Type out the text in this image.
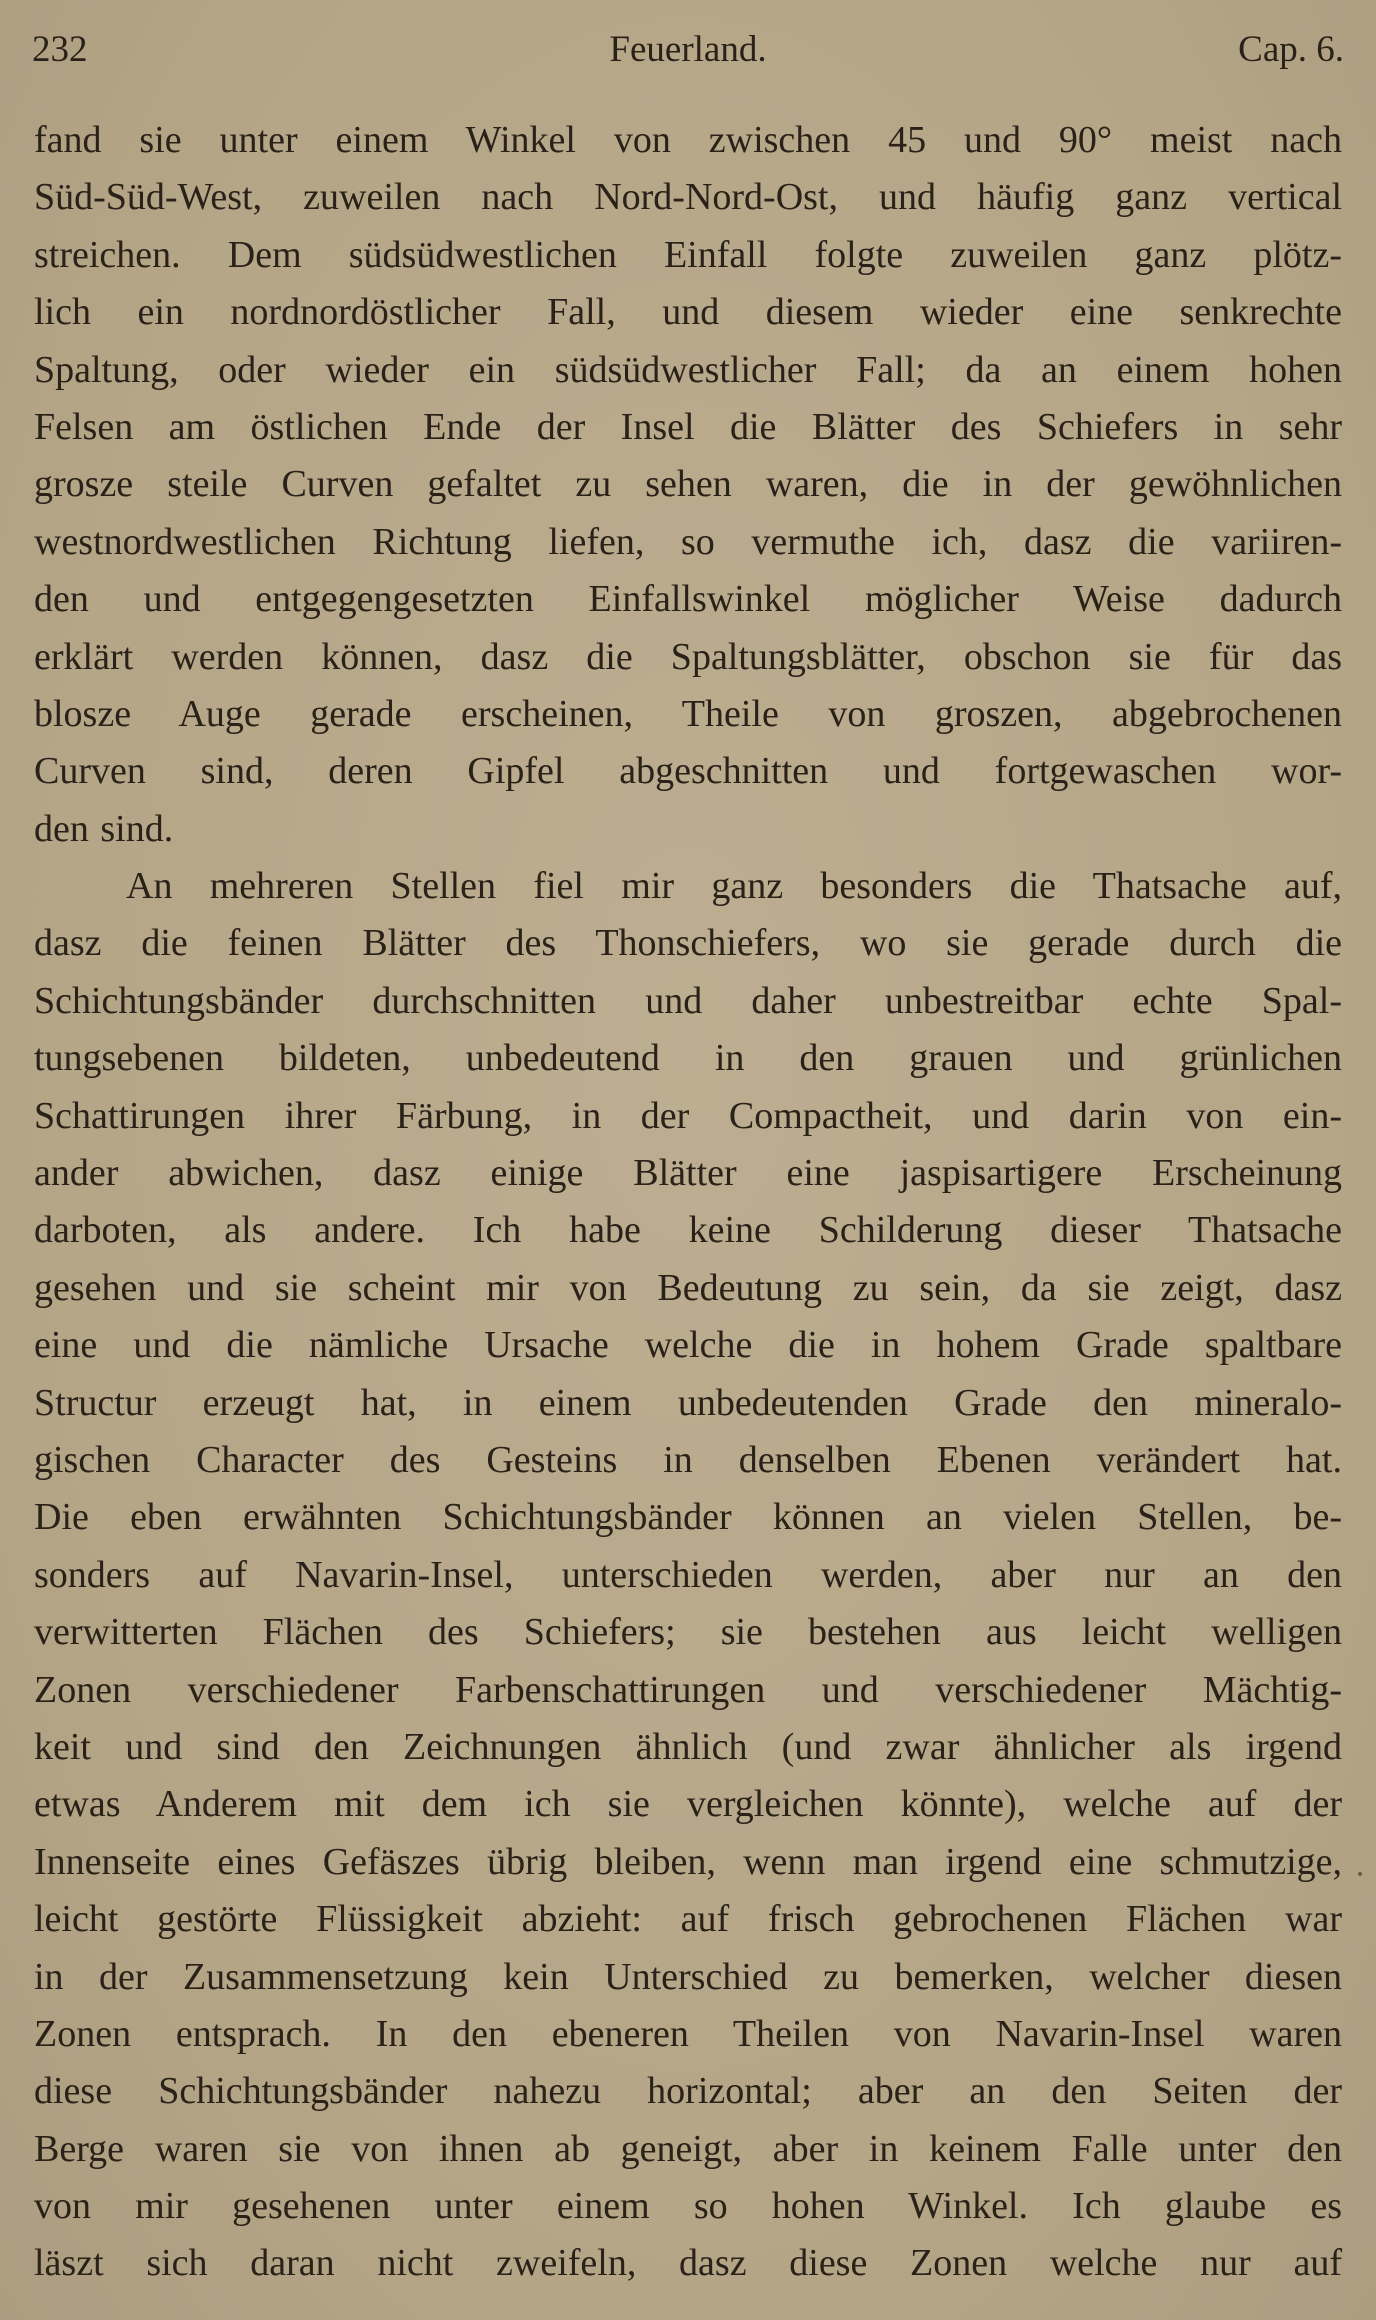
232	Feuerland.	Cap. 6.
fand sie unter einem Winkel von zwischen 45 und 90° meist nach
Süd-Süd-West, zuweilen nach Nord-Nord-Ost, und häufig ganz vertical
streichen. Dem südsüdwestlichen Einfall folgte zuweilen ganz plötz-
lich ein nordnordöstlicher Fall, und diesem wieder eine senkrechte
Spaltung, oder wieder ein südsüdwestlicher Fall; da an einem hohen
Felsen am östlichen Ende der Insel die Blätter des Schiefers in sehr
grosze steile Curven gefaltet zu sehen waren, die in der gewöhnlichen
westnordwestlichen Richtung liefen, so vermuthe ich, dasz die variiren-
den und entgegengesetzten Einfallswinkel möglicher Weise dadurch
erklärt werden können, dasz die Spaltungsblätter, obschon sie für das
blosze Auge gerade erscheinen, Theile von groszen, abgebrochenen
Curven sind, deren Gipfel abgeschnitten und fortgewaschen wor-
den sind.
An mehreren Stellen fiel mir ganz besonders die Thatsache auf,
dasz die feinen Blätter des Thonschiefers, wo sie gerade durch die
Schichtungsbänder durchschnitten und daher unbestreitbar echte Spal-
tungsebenen bildeten, unbedeutend in den grauen und grünlichen
Schattirungen ihrer Färbung, in der Compactheit, und darin von ein-
ander abwichen, dasz einige Blätter eine jaspisartigere Erscheinung
darboten, als andere. Ich habe keine Schilderung dieser Thatsache
gesehen und sie scheint mir von Bedeutung zu sein, da sie zeigt, dasz
eine und die nämliche Ursache welche die in hohem Grade spaltbare
Structur erzeugt hat, in einem unbedeutenden Grade den mineralo-
gischen Character des Gesteins in denselben Ebenen verändert hat.
Die eben erwähnten Schichtungsbänder können an vielen Stellen, be-
sonders auf Navarin-Insel, unterschieden werden, aber nur an den
verwitterten Flächen des Schiefers; sie bestehen aus leicht welligen
Zonen verschiedener Farbenschattirungen und verschiedener Mächtig-
keit und sind den Zeichnungen ähnlich (und zwar ähnlicher als irgend
etwas Anderem mit dem ich sie vergleichen könnte), welche auf der
Innenseite eines Gefäszes übrig bleiben, wenn man irgend eine schmutzige,
leicht gestörte Flüssigkeit abzieht: auf frisch gebrochenen Flächen war
in der Zusammensetzung kein Unterschied zu bemerken, welcher diesen
Zonen entsprach. In den ebeneren Theilen von Navarin-Insel waren
diese Schichtungsbänder nahezu horizontal; aber an den Seiten der
Berge waren sie von ihnen ab geneigt, aber in keinem Falle unter den
von mir gesehenen unter einem so hohen Winkel. Ich glaube es
läszt sich daran nicht zweifeln, dasz diese Zonen welche nur auf
